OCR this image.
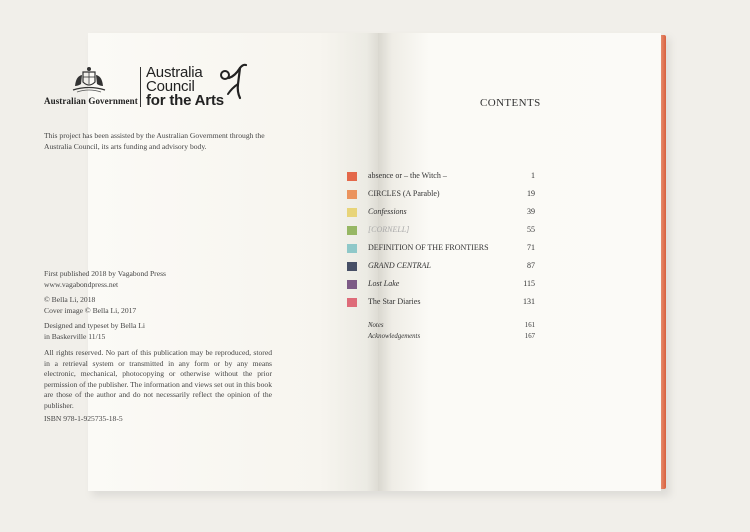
Australian Government
Australia
Council
for the Arts
This project has been assisted by the Australian Government through the Australia Council, its arts funding and advisory body.
First published 2018 by Vagabond Press
www.vagabondpress.net
© Bella Li, 2018
Cover image © Bella Li, 2017
Designed and typeset by Bella Li
in Baskerville 11/15
All rights reserved. No part of this publication may be reproduced, stored in a retrieval system or transmitted in any form or by any means electronic, mechanical, photocopying or otherwise without the prior permission of the publisher. The information and views set out in this book are those of the author and do not necessarily reflect the opinion of the publisher.
ISBN 978-1-925735-18-5
CONTENTS
absence or – the Witch –	1
CIRCLES (A Parable)	19
Confessions	39
[CORNELL]	55
DEFINITION OF THE FRONTIERS	71
GRAND CENTRAL	87
Lost Lake	115
The Star Diaries	131
Notes	161
Acknowledgements	167
